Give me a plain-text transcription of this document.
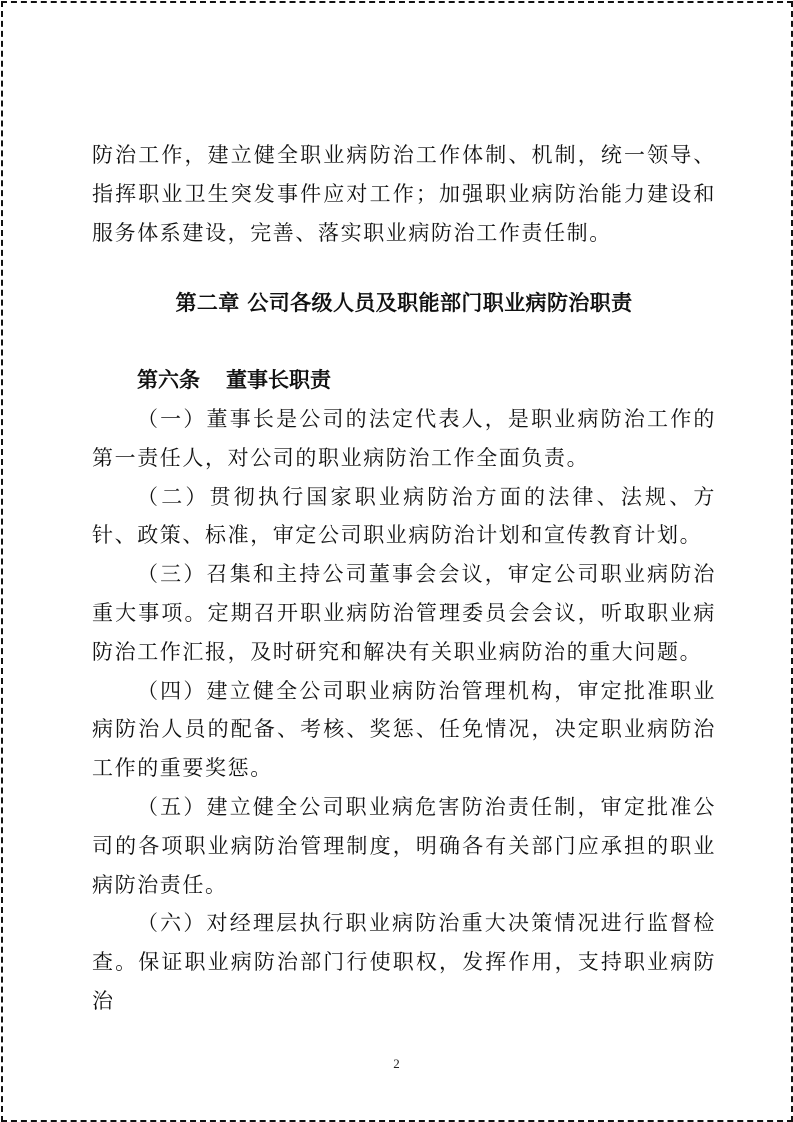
防治工作，建立健全职业病防治工作体制、机制，统一领导、指挥职业卫生突发事件应对工作；加强职业病防治能力建设和服务体系建设，完善、落实职业病防治工作责任制。

第二章 公司各级人员及职能部门职业病防治职责
第六条 董事长职责

（一）董事长是公司的法定代表人，是职业病防治工作的第一责任人，对公司的职业病防治工作全面负责。

（二）贯彻执行国家职业病防治方面的法律、法规、方针、政策、标准，审定公司职业病防治计划和宣传教育计划。

（三）召集和主持公司董事会会议，审定公司职业病防治重大事项。定期召开职业病防治管理委员会会议，听取职业病防治工作汇报，及时研究和解决有关职业病防治的重大问题。

（四）建立健全公司职业病防治管理机构，审定批准职业病防治人员的配备、考核、奖惩、任免情况，决定职业病防治工作的重要奖惩。

（五）建立健全公司职业病危害防治责任制，审定批准公司的各项职业病防治管理制度，明确各有关部门应承担的职业病防治责任。

（六）对经理层执行职业病防治重大决策情况进行监督检查。保证职业病防治部门行使职权，发挥作用，支持职业病防治

2
